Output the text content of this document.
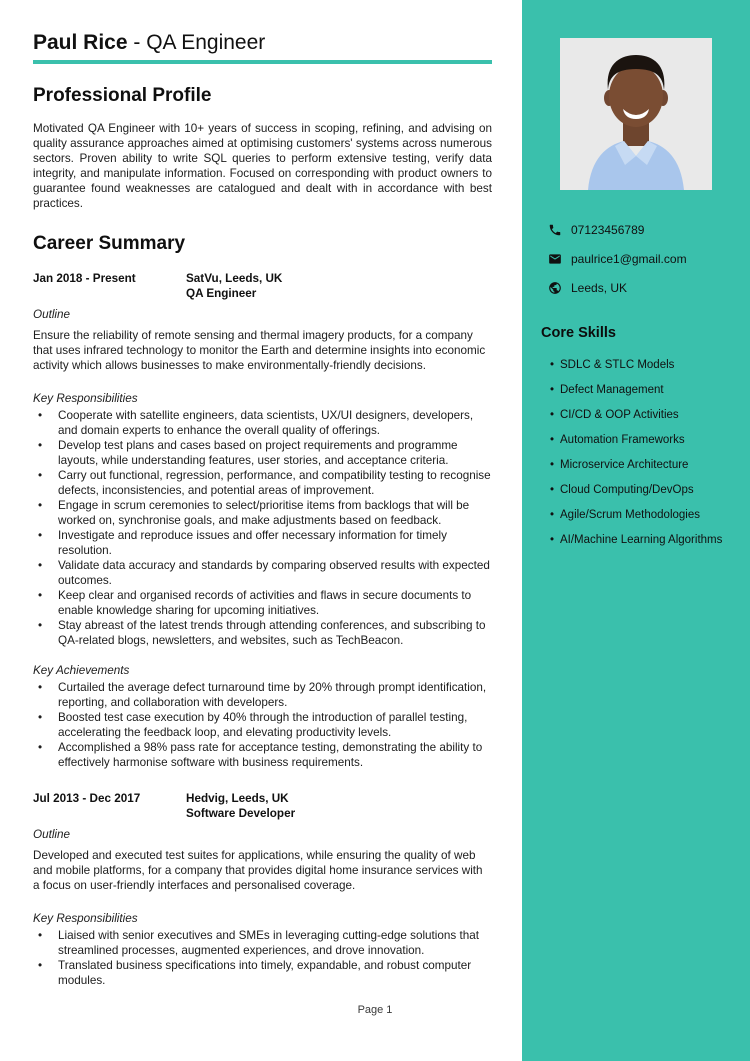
Paul Rice - QA Engineer
Professional Profile

Motivated QA Engineer with 10+ years of success in scoping, refining, and advising on quality assurance approaches aimed at optimising customers' systems across numerous sectors. Proven ability to write SQL queries to perform extensive testing, verify data integrity, and manipulate information. Focused on corresponding with product owners to guarantee found weaknesses are catalogued and dealt with in accordance with best practices.

Career Summary
Jan 2018 - Present	SatVu, Leeds, UK
QA Engineer
Outline

Ensure the reliability of remote sensing and thermal imagery products, for a company that uses infrared technology to monitor the Earth and determine insights into economic activity which allows businesses to make environmentally-friendly decisions.

Key Responsibilities
• Cooperate with satellite engineers, data scientists, UX/UI designers, developers, and domain experts to enhance the overall quality of offerings.
• Develop test plans and cases based on project requirements and programme layouts, while understanding features, user stories, and acceptance criteria.
• Carry out functional, regression, performance, and compatibility testing to recognise defects, inconsistencies, and potential areas of improvement.
• Engage in scrum ceremonies to select/prioritise items from backlogs that will be worked on, synchronise goals, and make adjustments based on feedback.
• Investigate and reproduce issues and offer necessary information for timely resolution.
• Validate data accuracy and standards by comparing observed results with expected outcomes.
• Keep clear and organised records of activities and flaws in secure documents to enable knowledge sharing for upcoming initiatives.
• Stay abreast of the latest trends through attending conferences, and subscribing to QA-related blogs, newsletters, and websites, such as TechBeacon.
Key Achievements
• Curtailed the average defect turnaround time by 20% through prompt identification, reporting, and collaboration with developers.
• Boosted test case execution by 40% through the introduction of parallel testing, accelerating the feedback loop, and elevating productivity levels.
• Accomplished a 98% pass rate for acceptance testing, demonstrating the ability to effectively harmonise software with business requirements.
Jul 2013 - Dec 2017	Hedvig, Leeds, UK
Software Developer
Outline

Developed and executed test suites for applications, while ensuring the quality of web and mobile platforms, for a company that provides digital home insurance services with a focus on user-friendly interfaces and personalised coverage.

Key Responsibilities
• Liaised with senior executives and SMEs in leveraging cutting-edge solutions that streamlined processes, augmented experiences, and drove innovation.
• Translated business specifications into timely, expandable, and robust computer modules.
Page 1
07123456789
paulrice1@gmail.com
Leeds, UK
Core Skills
• SDLC & STLC Models
• Defect Management
• CI/CD & OOP Activities
• Automation Frameworks
• Microservice Architecture
• Cloud Computing/DevOps
• Agile/Scrum Methodologies
• AI/Machine Learning Algorithms
